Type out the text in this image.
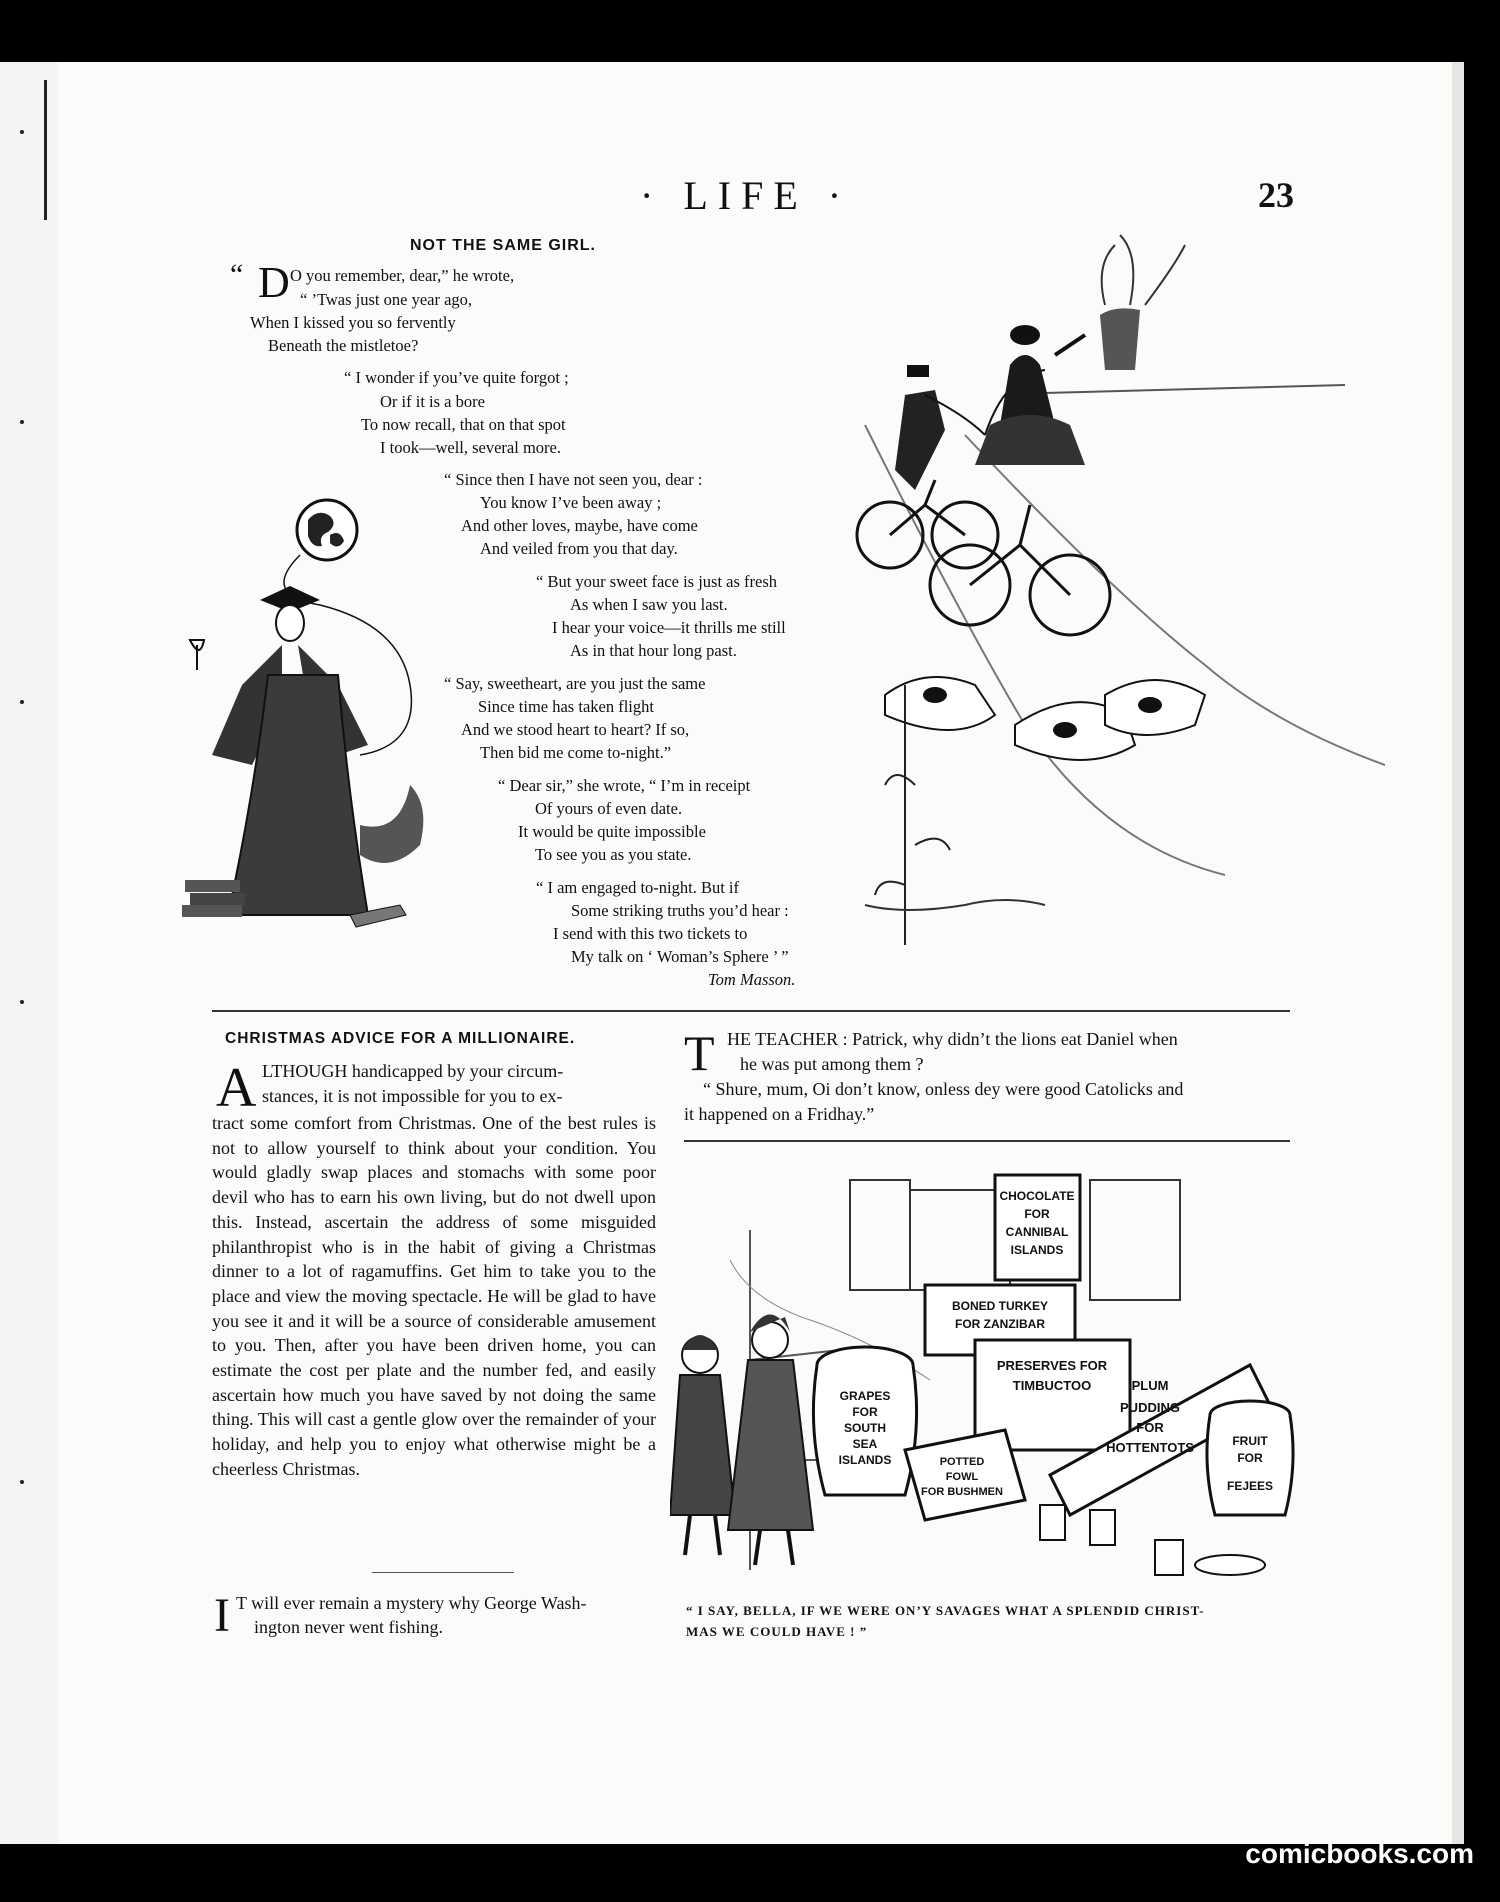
· LIFE ·	23
NOT THE SAME GIRL.
“ D O you remember, dear,” he wrote,
“ ’Twas just one year ago,
When I kissed you so fervently
Beneath the mistletoe?
“ I wonder if you’ve quite forgot ;
Or if it is a bore
To now recall, that on that spot
I took—well, several more.
“ Since then I have not seen you, dear :
You know I’ve been away ;
And other loves, maybe, have come
And veiled from you that day.
“ But your sweet face is just as fresh
As when I saw you last.
I hear your voice—it thrills me still
As in that hour long past.
“ Say, sweetheart, are you just the same
Since time has taken flight
And we stood heart to heart? If so,
Then bid me come to-night.”
“ Dear sir,” she wrote, “ I’m in receipt
Of yours of even date.
It would be quite impossible
To see you as you state.
“ I am engaged to-night. But if
Some striking truths you’d hear :
I send with this two tickets to
My talk on ‘ Woman’s Sphere ’ ”
Tom Masson.
CHRISTMAS ADVICE FOR A MILLIONAIRE.
A LTHOUGH handicapped by your circum-
stances, it is not impossible for you to ex-
tract some comfort from Christmas. One of the best rules is not to allow yourself to think about your condition. You would gladly swap places and stomachs with some poor devil who has to earn his own living, but do not dwell upon this. Instead, ascertain the address of some misguided philanthropist who is in the habit of giving a Christmas dinner to a lot of ragamuffins. Get him to take you to the place and view the moving spectacle. He will be glad to have you see it and it will be a source of considerable amusement to you. Then, after you have been driven home, you can estimate the cost per plate and the number fed, and easily ascertain how much you have saved by not doing the same thing. This will cast a gentle glow over the remainder of your holiday, and help you to enjoy what otherwise might be a cheerless Christmas.
I T will ever remain a mystery why George Wash-
ington never went fishing.
T HE TEACHER : Patrick, why didn’t the lions eat Daniel when
he was put among them ?
“ Shure, mum, Oi don’t know, onless dey were good Catolicks and
it happened on a Fridhay.”
CHOCOLATE
FOR
CANNIBAL
ISLANDS
BONED TURKEY
FOR ZANZIBAR
PRESERVES FOR
TIMBUCTOO	PLUM
PUDDING
FOR
HOTTENTOTS
GRAPES
FOR
SOUTH
SEA
ISLANDS	POTTED
FOWL
FOR BUSHMEN
FRUIT
FOR
FEJEES
“ I SAY, BELLA, IF WE WERE ON’Y SAVAGES WHAT A SPLENDID CHRIST-
MAS WE COULD HAVE ! ”
comicbooks.com
